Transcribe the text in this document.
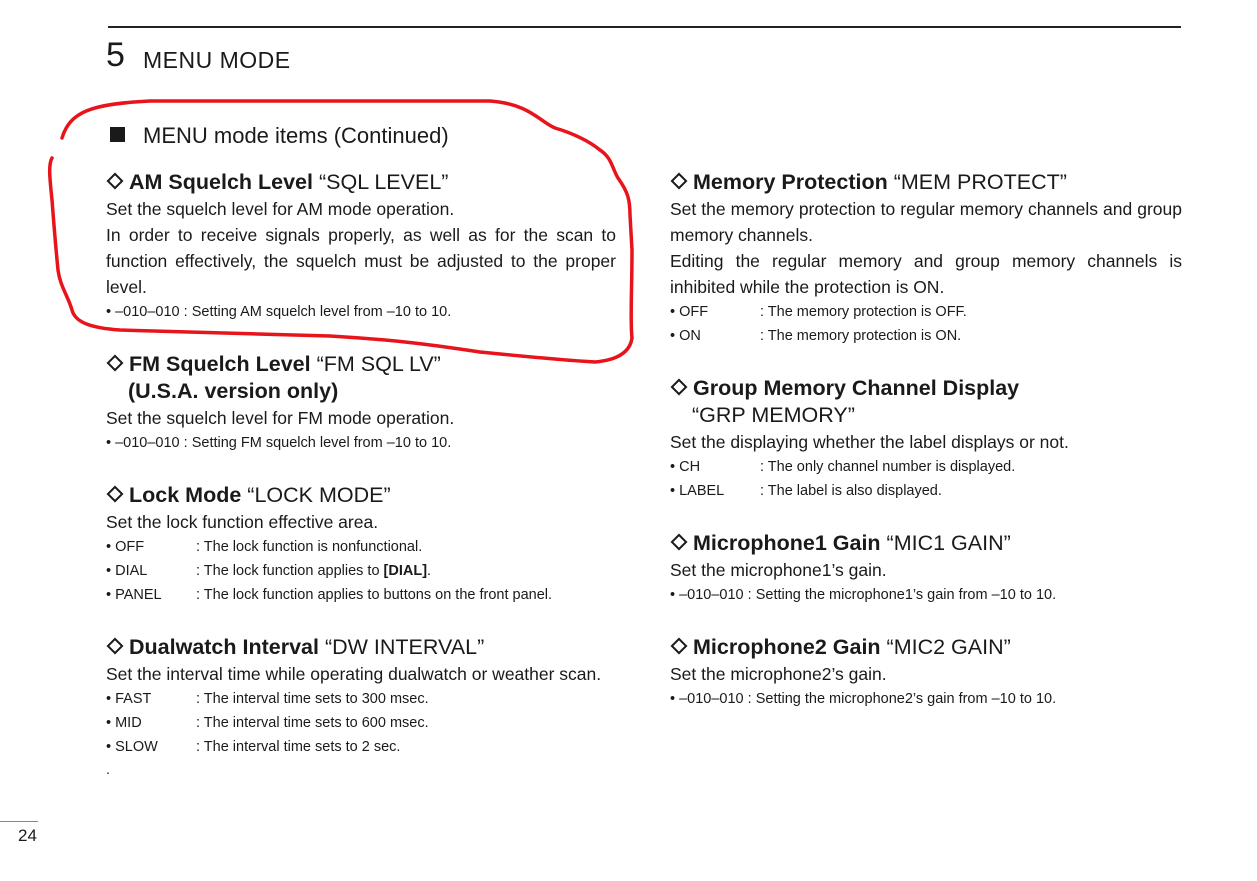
5 MENU MODE
MENU mode items (Continued)
AM Squelch Level “SQL LEVEL”
Set the squelch level for AM mode operation.
In order to receive signals properly, as well as for the scan to function effectively, the squelch must be adjusted to the proper level.
• –010–010 : Setting AM squelch level from –10 to 10.
FM Squelch Level “FM SQL LV”
(U.S.A. version only)
Set the squelch level for FM mode operation.
• –010–010 : Setting FM squelch level from –10 to 10.
Lock Mode “LOCK MODE”
Set the lock function effective area.
• OFF	: The lock function is nonfunctional.
• DIAL	: The lock function applies to [DIAL].
• PANEL	: The lock function applies to buttons on the front panel.
Dualwatch Interval “DW INTERVAL”
Set the interval time while operating dualwatch or weather scan.
• FAST	: The interval time sets to 300 msec.
• MID	: The interval time sets to 600 msec.
• SLOW	: The interval time sets to 2 sec.
.
Memory Protection “MEM PROTECT”
Set the memory protection to regular memory channels and group memory channels.
Editing the regular memory and group memory channels is inhibited while the protection is ON.
• OFF	: The memory protection is OFF.
• ON	: The memory protection is ON.
Group Memory Channel Display
“GRP MEMORY”
Set the displaying whether the label displays or not.
• CH	: The only channel number is displayed.
• LABEL	: The label is also displayed.
Microphone1 Gain “MIC1 GAIN”
Set the microphone1’s gain.
• –010–010 : Setting the microphone1’s gain from –10 to 10.
Microphone2 Gain “MIC2 GAIN”
Set the microphone2’s gain.
• –010–010 : Setting the microphone2’s gain from –10 to 10.
24
